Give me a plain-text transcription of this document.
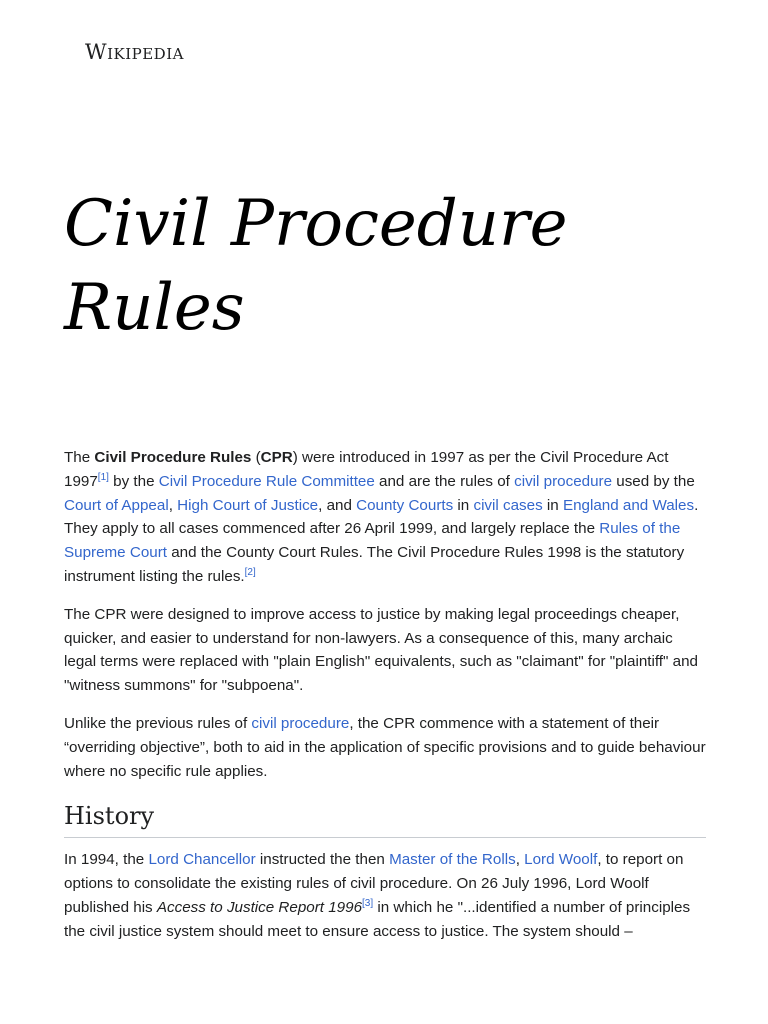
Wikipedia
Civil Procedure Rules

The Civil Procedure Rules (CPR) were introduced in 1997 as per the Civil Procedure Act 1997[1] by the Civil Procedure Rule Committee and are the rules of civil procedure used by the Court of Appeal, High Court of Justice, and County Courts in civil cases in England and Wales. They apply to all cases commenced after 26 April 1999, and largely replace the Rules of the Supreme Court and the County Court Rules. The Civil Procedure Rules 1998 is the statutory instrument listing the rules.[2]

The CPR were designed to improve access to justice by making legal proceedings cheaper, quicker, and easier to understand for non-lawyers. As a consequence of this, many archaic legal terms were replaced with "plain English" equivalents, such as "claimant" for "plaintiff" and "witness summons" for "subpoena".

Unlike the previous rules of civil procedure, the CPR commence with a statement of their “overriding objective”, both to aid in the application of specific provisions and to guide behaviour where no specific rule applies.

History

In 1994, the Lord Chancellor instructed the then Master of the Rolls, Lord Woolf, to report on options to consolidate the existing rules of civil procedure. On 26 July 1996, Lord Woolf published his Access to Justice Report 1996[3] in which he "...identified a number of principles the civil justice system should meet to ensure access to justice. The system should –
